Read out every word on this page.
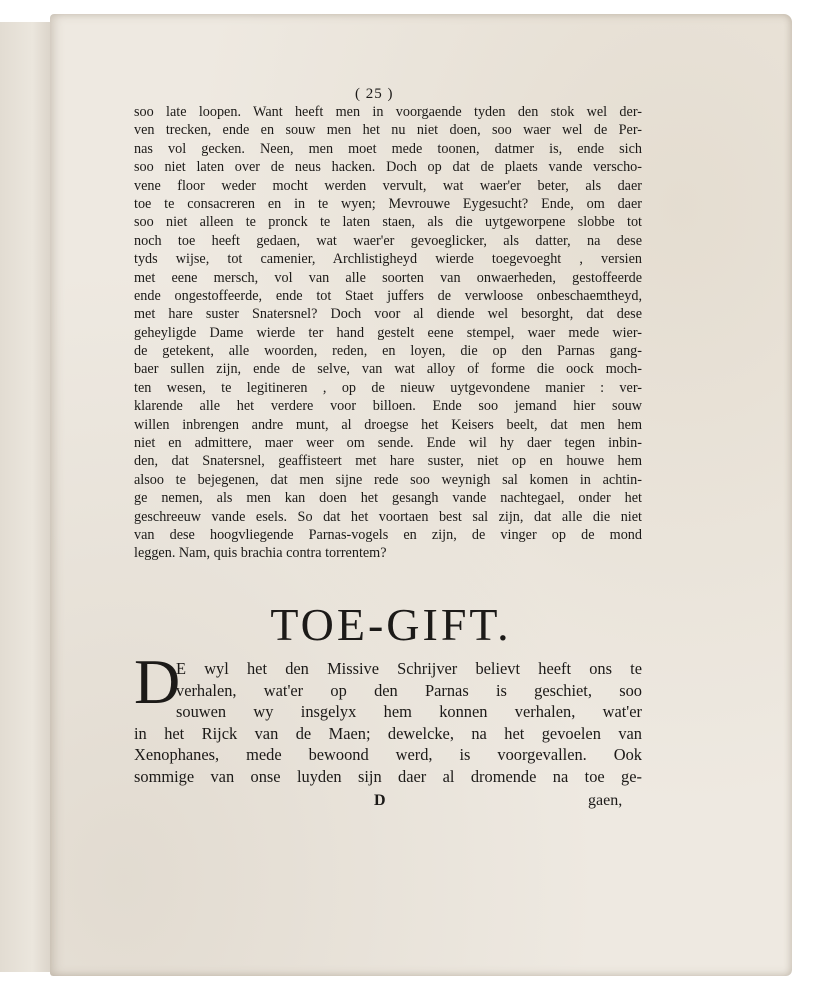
( 25 )
soo late loopen. Want heeft men in voorgaende tyden den stok wel der-
ven trecken, ende en souw men het nu niet doen, soo waer wel de Per-
nas vol gecken. Neen, men moet mede toonen, datmer is, ende sich
soo niet laten over de neus hacken. Doch op dat de plaets vande verscho-
vene floor weder mocht werden vervult, wat waer'er beter, als daer
toe te consacreren en in te wyen; Mevrouwe Eygesucht? Ende, om daer
soo niet alleen te pronck te laten staen, als die uytgeworpene slobbe tot
noch toe heeft gedaen, wat waer'er gevoeglicker, als datter, na dese
tyds wijse, tot camenier, Archlistigheyd wierde toegevoeght , versien
met eene mersch, vol van alle soorten van onwaerheden, gestoffeerde
ende ongestoffeerde, ende tot Staet juffers de verwloose onbeschaemtheyd,
met hare suster Snatersnel? Doch voor al diende wel besorght, dat dese
geheyligde Dame wierde ter hand gestelt eene stempel, waer mede wier-
de getekent, alle woorden, reden, en loyen, die op den Parnas gang-
baer sullen zijn, ende de selve, van wat alloy of forme die oock moch-
ten wesen, te legitineren , op de nieuw uytgevondene manier : ver-
klarende alle het verdere voor billoen. Ende soo jemand hier souw
willen inbrengen andre munt, al droegse het Keisers beelt, dat men hem
niet en admittere, maer weer om sende. Ende wil hy daer tegen inbin-
den, dat Snatersnel, geaffisteert met hare suster, niet op en houwe hem
alsoo te bejegenen, dat men sijne rede soo weynigh sal komen in achtin-
ge nemen, als men kan doen het gesangh vande nachtegael, onder het
geschreeuw vande esels. So dat het voortaen best sal zijn, dat alle die niet
van dese hoogvliegende Parnas-vogels en zijn, de vinger op de mond
leggen. Nam, quis brachia contra torrentem?
TOE-GIFT.
D
E wyl het den Missive Schrijver believt heeft ons te
verhalen, wat'er op den Parnas is geschiet, soo
souwen wy insgelyx hem konnen verhalen, wat'er
in het Rijck van de Maen; dewelcke, na het gevoelen van
Xenophanes, mede bewoond werd, is voorgevallen. Ook
sommige van onse luyden sijn daer al dromende na toe ge-
D	gaen,
